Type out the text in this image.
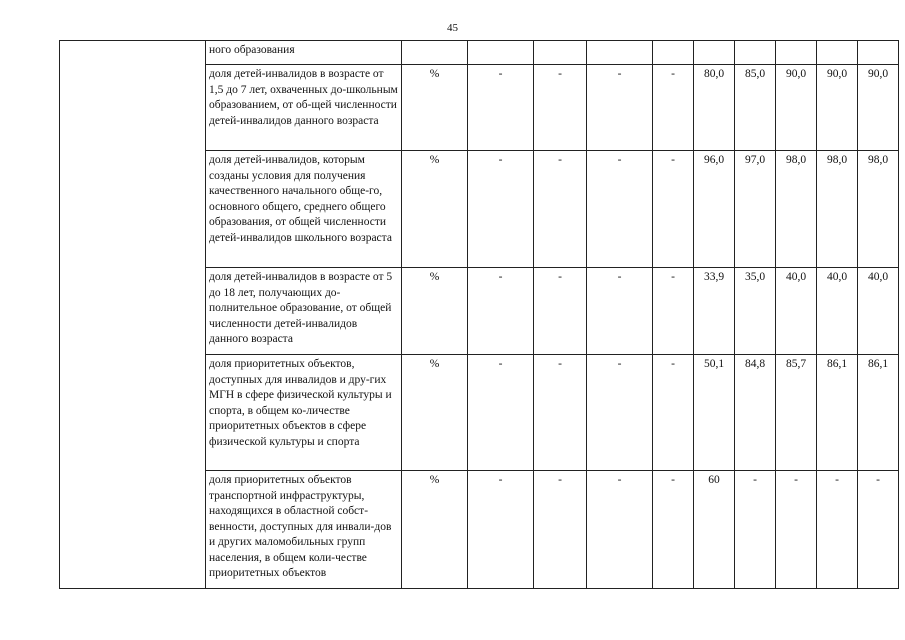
45
	ного образования										
	доля детей-инвалидов в возрасте от 1,5 до 7 лет, охваченных до-школьным образованием, от об-щей численности детей-инвалидов данного возраста	%	-	-	-	-	80,0	85,0	90,0	90,0	90,0
	доля детей-инвалидов, которым созданы условия для получения качественного начального обще-го, основного общего, среднего общего образования, от общей численности детей-инвалидов школьного возраста	%	-	-	-	-	96,0	97,0	98,0	98,0	98,0
	доля детей-инвалидов в возрасте от 5 до 18 лет, получающих до-полнительное образование, от общей численности детей-инвалидов данного возраста	%	-	-	-	-	33,9	35,0	40,0	40,0	40,0
	доля приоритетных объектов, доступных для инвалидов и дру-гих МГН в сфере физической культуры и спорта, в общем ко-личестве приоритетных объектов в сфере физической культуры и спорта	%	-	-	-	-	50,1	84,8	85,7	86,1	86,1
	доля приоритетных объектов транспортной инфраструктуры, находящихся в областной собст-венности, доступных для инвали-дов и других маломобильных групп населения, в общем коли-честве приоритетных объектов	%	-	-	-	-	60	-	-	-	-
